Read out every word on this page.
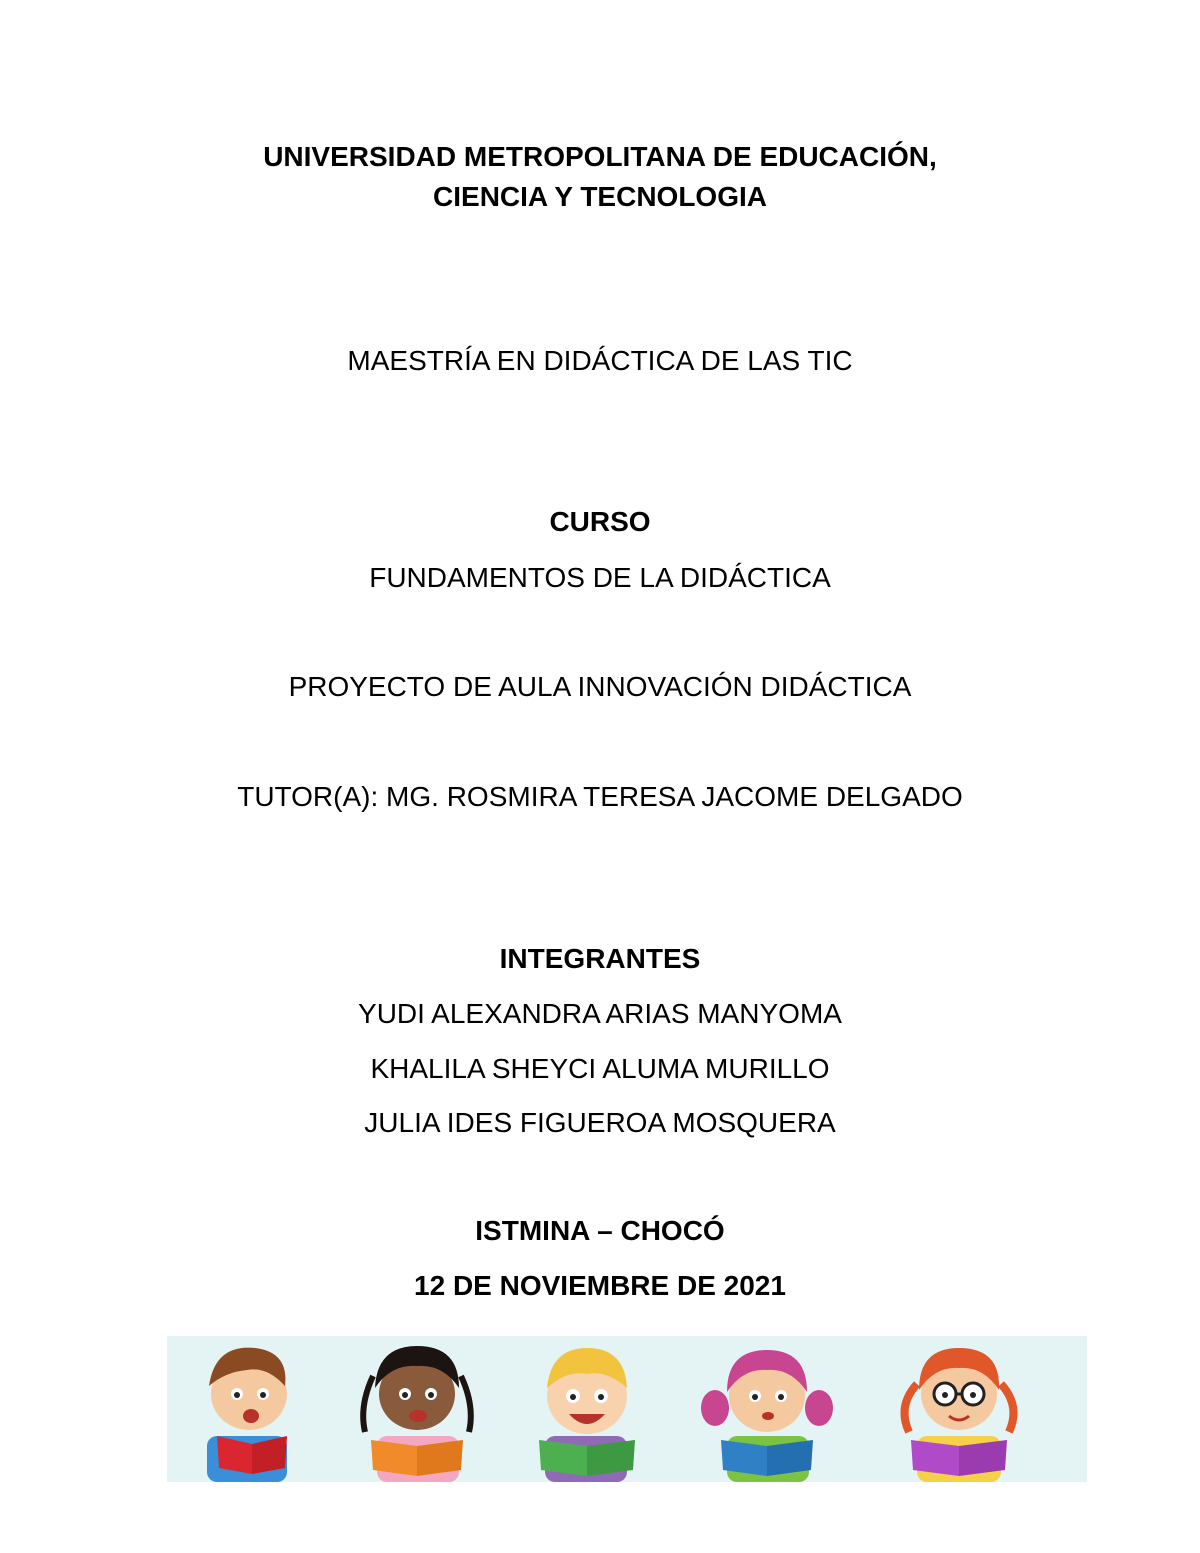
UNIVERSIDAD METROPOLITANA DE EDUCACIÓN,
CIENCIA Y TECNOLOGIA
MAESTRÍA EN DIDÁCTICA DE LAS TIC
CURSO
FUNDAMENTOS DE LA DIDÁCTICA
PROYECTO DE AULA INNOVACIÓN DIDÁCTICA
TUTOR(A): MG. ROSMIRA TERESA JACOME DELGADO
INTEGRANTES
YUDI ALEXANDRA ARIAS MANYOMA
KHALILA SHEYCI ALUMA MURILLO
JULIA IDES FIGUEROA MOSQUERA
ISTMINA – CHOCÓ
12 DE NOVIEMBRE DE 2021
